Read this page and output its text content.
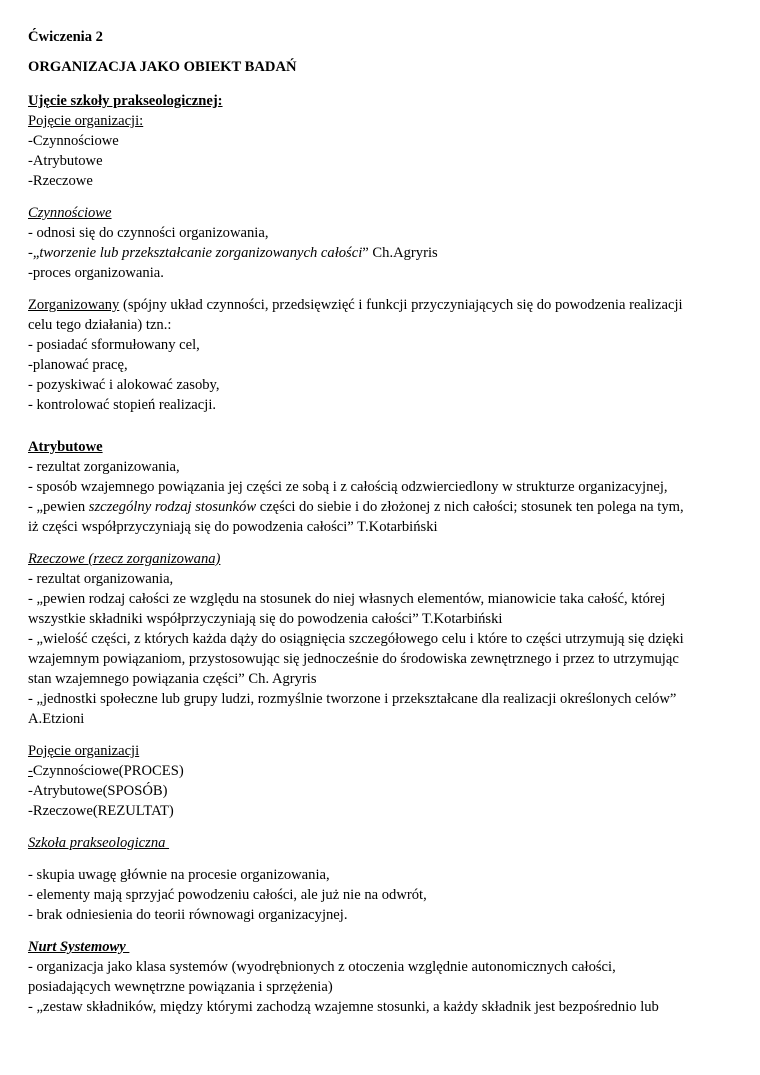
Ćwiczenia 2

ORGANIZACJA JAKO OBIEKT BADAŃ

Ujęcie szkoły prakseologicznej:

Pojęcie organizacji:

-Czynnościowe

-Atrybutowe

-Rzeczowe

Czynnościowe

- odnosi się do czynności organizowania,

-„tworzenie lub przekształcanie zorganizowanych całości” Ch.Agryris

-proces organizowania.

Zorganizowany (spójny układ czynności, przedsięwzięć i funkcji przyczyniających się do powodzenia realizacji

celu tego działania) tzn.:

- posiadać sformułowany cel,

-planować pracę,

- pozyskiwać i alokować zasoby,

- kontrolować stopień realizacji.

Atrybutowe

- rezultat zorganizowania,

- sposób wzajemnego powiązania jej części ze sobą i z całością odzwierciedlony w strukturze organizacyjnej,

- „pewien szczególny rodzaj stosunków części do siebie i do złożonej z nich całości; stosunek ten polega na tym,

iż części współprzyczyniają się do powodzenia całości” T.Kotarbiński

Rzeczowe (rzecz zorganizowana)

- rezultat organizowania,

- „pewien rodzaj całości ze względu na stosunek do niej własnych elementów, mianowicie taka całość, której

wszystkie składniki współprzyczyniają się do powodzenia całości” T.Kotarbiński

- „wielość części, z których każda dąży do osiągnięcia szczegółowego celu i które to części utrzymują się dzięki

wzajemnym powiązaniom, przystosowując się jednocześnie do środowiska zewnętrznego i przez to utrzymując

stan wzajemnego powiązania części” Ch. Agryris

- „jednostki społeczne lub grupy ludzi, rozmyślnie tworzone i przekształcane dla realizacji określonych celów”

A.Etzioni

Pojęcie organizacji

-Czynnościowe(PROCES)

-Atrybutowe(SPOSÓB)

-Rzeczowe(REZULTAT)

Szkoła prakseologiczna

- skupia uwagę głównie na procesie organizowania,

- elementy mają sprzyjać powodzeniu całości, ale już nie na odwrót,

- brak odniesienia do teorii równowagi organizacyjnej.

Nurt Systemowy

- organizacja jako klasa systemów (wyodrębnionych z otoczenia względnie autonomicznych całości,

posiadających wewnętrzne powiązania i sprzężenia)

- „zestaw składników, między którymi zachodzą wzajemne stosunki, a każdy składnik jest bezpośrednio lub
